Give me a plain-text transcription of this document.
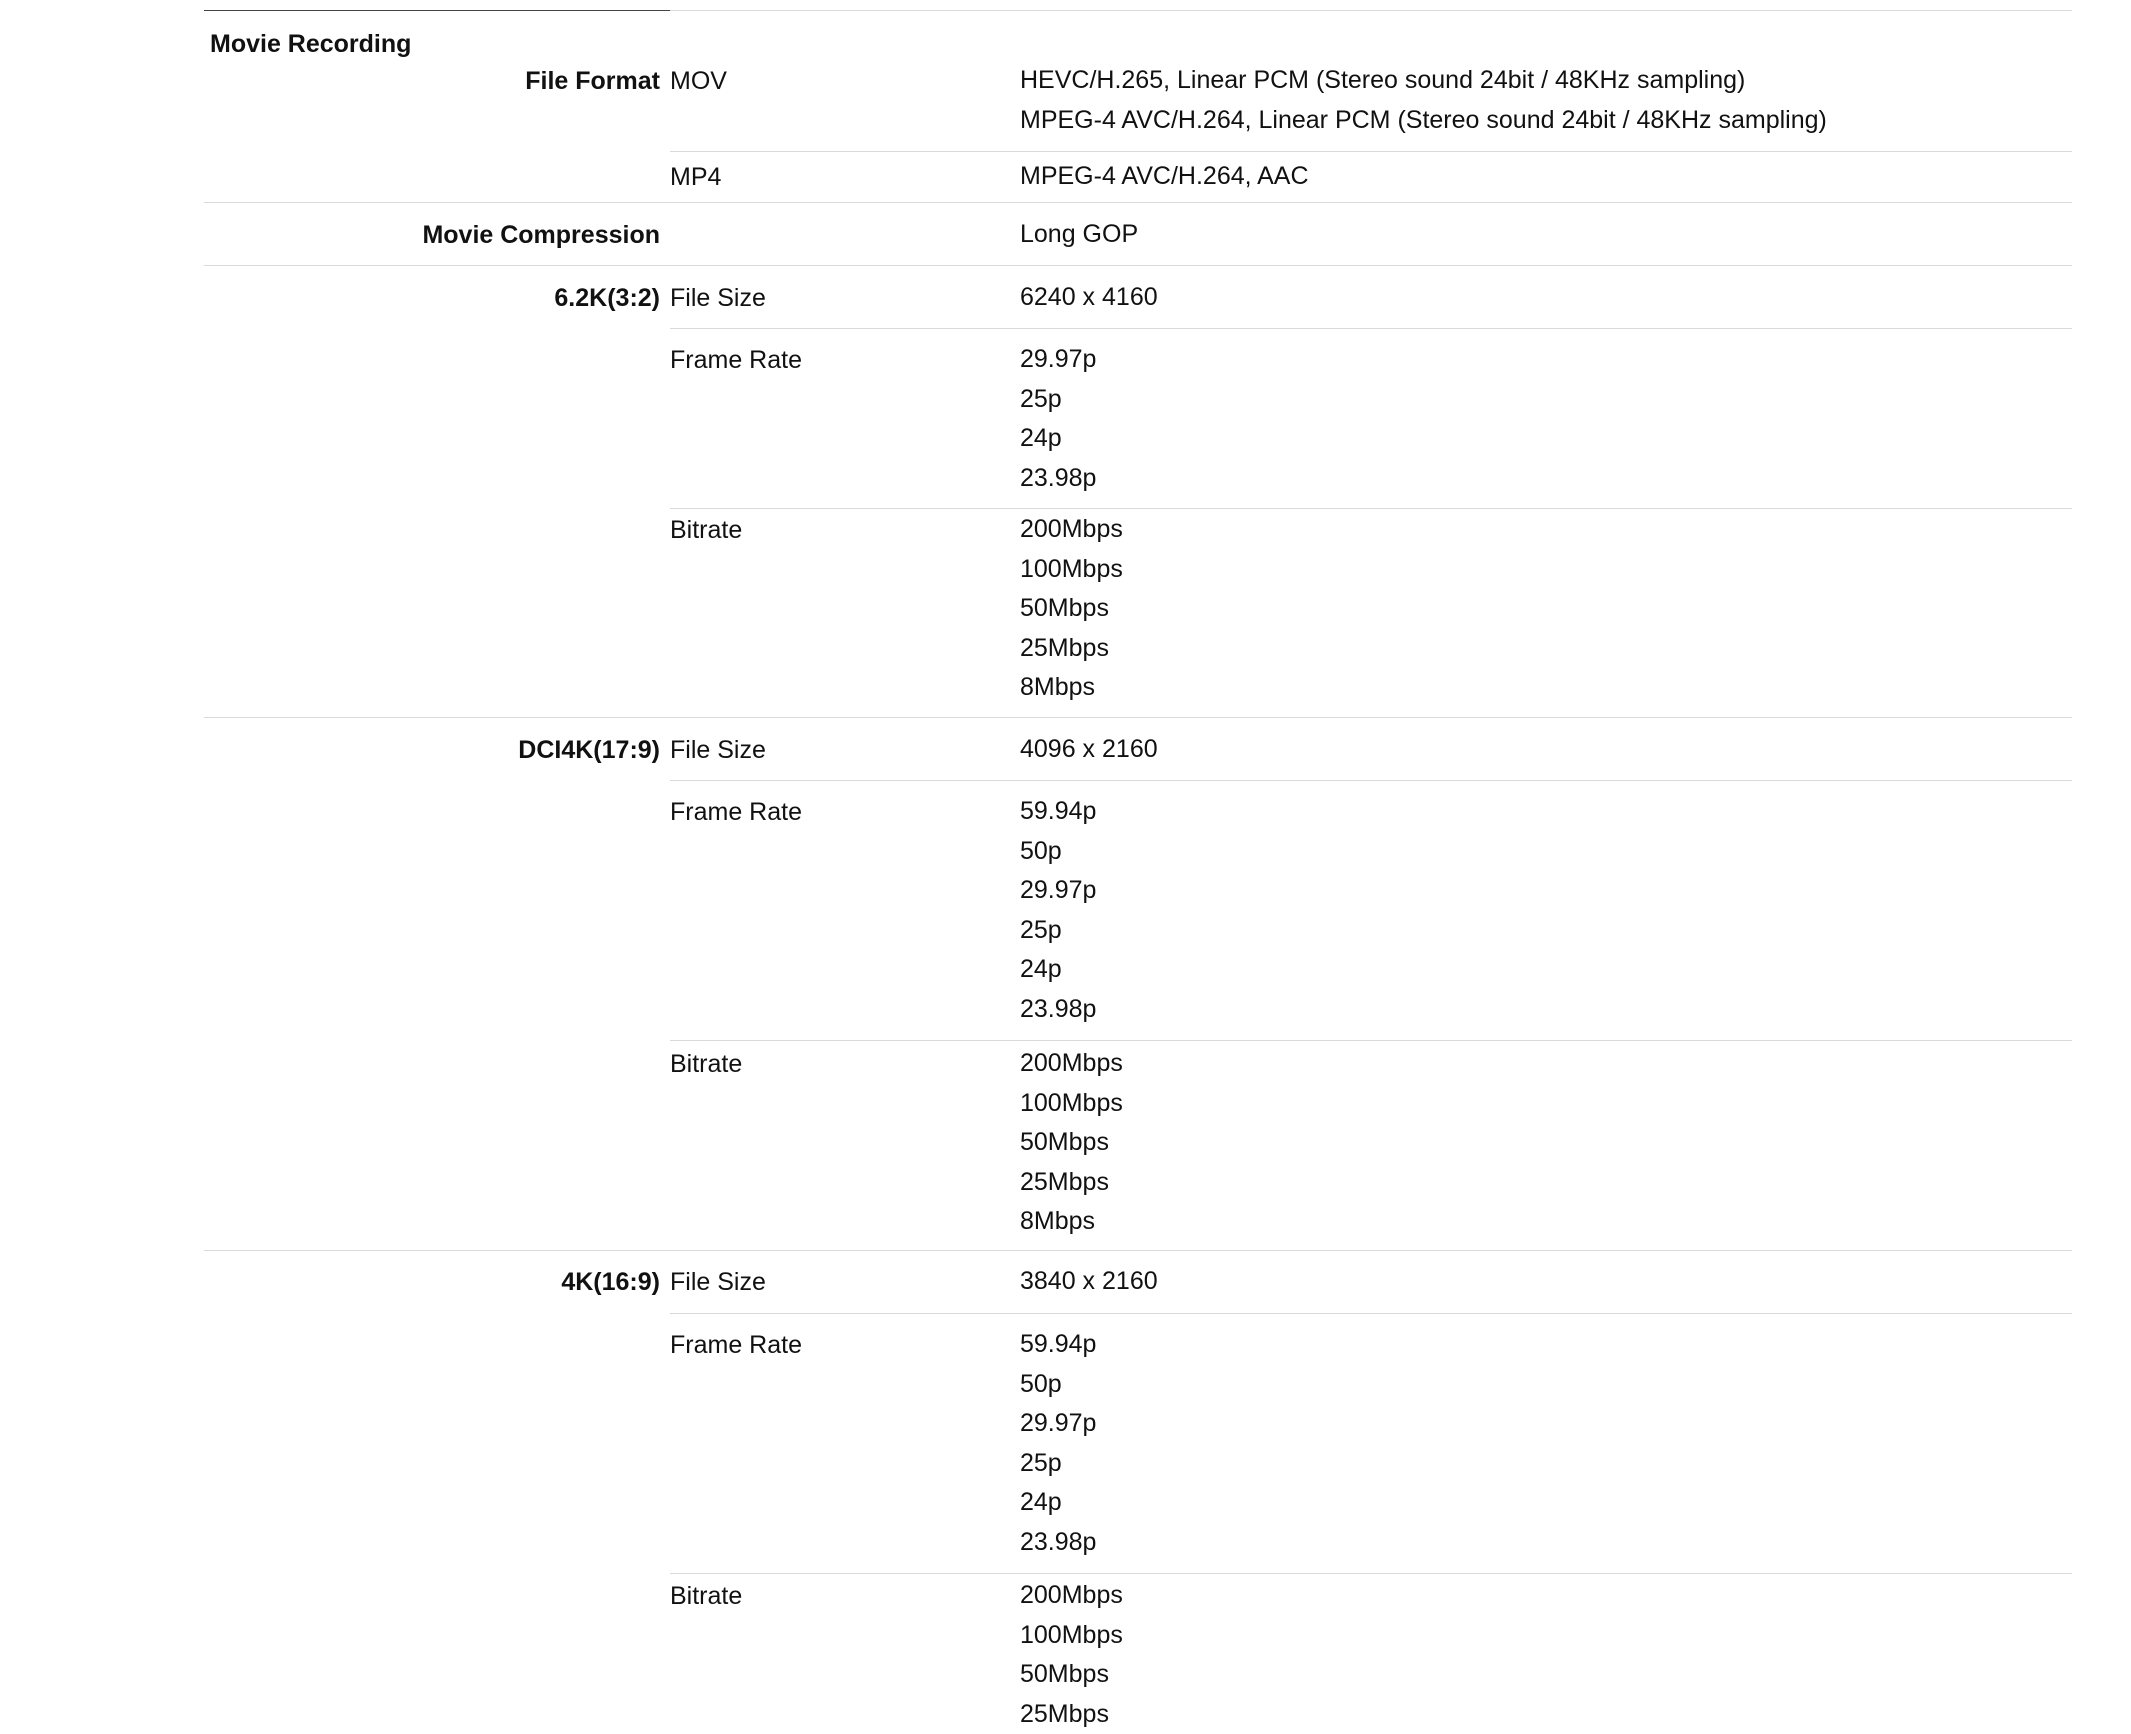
Movie Recording
File Format MOV	HEVC/H.265, Linear PCM (Stereo sound 24bit / 48KHz sampling)
MPEG-4 AVC/H.264, Linear PCM (Stereo sound 24bit / 48KHz sampling)
MP4	MPEG-4 AVC/H.264, AAC
Movie Compression	Long GOP
6.2K(3:2) File Size	6240 x 4160
Frame Rate	29.97p
25p
24p
23.98p
Bitrate	200Mbps
100Mbps
50Mbps
25Mbps
8Mbps
DCI4K(17:9) File Size	4096 x 2160
Frame Rate	59.94p
50p
29.97p
25p
24p
23.98p
Bitrate	200Mbps
100Mbps
50Mbps
25Mbps
8Mbps
4K(16:9) File Size	3840 x 2160
Frame Rate	59.94p
50p
29.97p
25p
24p
23.98p
Bitrate	200Mbps
100Mbps
50Mbps
25Mbps
